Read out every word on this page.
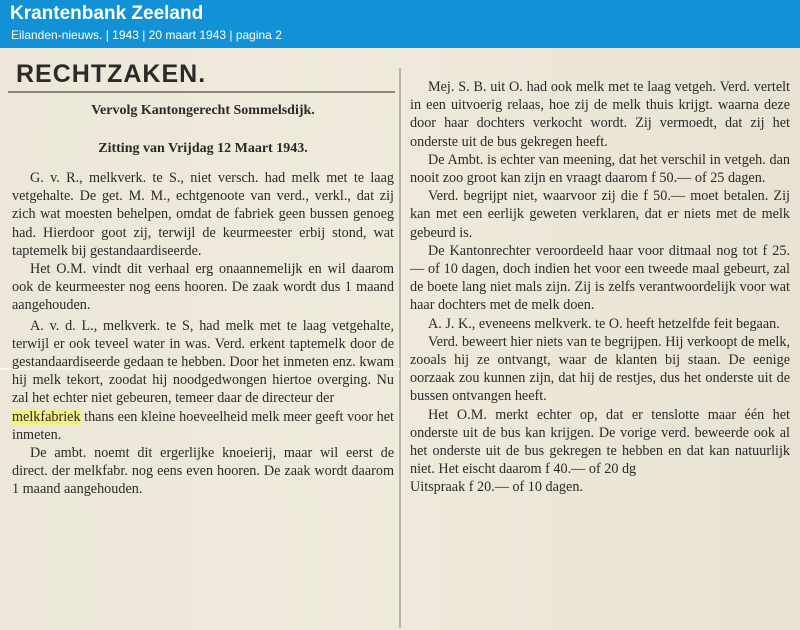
Krantenbank Zeeland
Eilanden-nieuws. | 1943 | 20 maart 1943 | pagina 2
RECHTZAKEN.
Vervolg Kantongerecht Sommelsdijk.
Zitting van Vrijdag 12 Maart 1943.

G. v. R., melkverk. te S., niet versch. had melk met te laag vetgehalte. De get. M. M., echtgenoote van verd., verkl., dat zij zich wat moesten behelpen, omdat de fabriek geen bussen genoeg had. Hierdoor goot zij, terwijl de keurmeester erbij stond, wat taptemelk bij gestandaardiseerde.

Het O.M. vindt dit verhaal erg onaannemelijk en wil daarom ook de keurmeester nog eens hooren. De zaak wordt dus 1 maand aangehouden.

A. v. d. L., melkverk. te S, had melk met te laag vetgehalte, terwijl er ook teveel water in was. Verd. erkent taptemelk door de gestandaardiseerde gedaan te hebben. Door het inmeten enz. kwam hij melk tekort, zoodat hij noodgedwongen hiertoe overging. Nu zal het echter niet gebeuren, temeer daar de directeur der

melkfabriek thans een kleine hoeveelheid melk meer geeft voor het inmeten.

De ambt. noemt dit ergerlijke knoeierij, maar wil eerst de direct. der melkfabr. nog eens even hooren. De zaak wordt daarom 1 maand aangehouden.

Mej. S. B. uit O. had ook melk met te laag vetgeh. Verd. vertelt in een uitvoerig relaas, hoe zij de melk thuis krijgt. waarna deze door haar dochters verkocht wordt. Zij vermoedt, dat zij het onderste uit de bus gekregen heeft.

De Ambt. is echter van meening, dat het verschil in vetgeh. dan nooit zoo groot kan zijn en vraagt daarom f 50.— of 25 dagen.

Verd. begrijpt niet, waarvoor zij die f 50.— moet betalen. Zij kan met een eerlijk geweten verklaren, dat er niets met de melk gebeurd is.

De Kantonrechter veroordeeld haar voor ditmaal nog tot f 25.— of 10 dagen, doch indien het voor een tweede maal gebeurt, zal de boete lang niet mals zijn. Zij is zelfs verantwoordelijk voor wat haar dochters met de melk doen.

A. J. K., eveneens melkverk. te O. heeft hetzelfde feit begaan.

Verd. beweert hier niets van te begrijpen. Hij verkoopt de melk, zooals hij ze ontvangt, waar de klanten bij staan. De eenige oorzaak zou kunnen zijn, dat hij de restjes, dus het onderste uit de bussen ontvangen heeft.

Het O.M. merkt echter op, dat er tenslotte maar één het onderste uit de bus kan krijgen. De vorige verd. beweerde ook al het onderste uit de bus gekregen te hebben en dat kan natuurlijk niet. Het eischt daarom f 40.— of 20 dg

Uitspraak f 20.— of 10 dagen.
